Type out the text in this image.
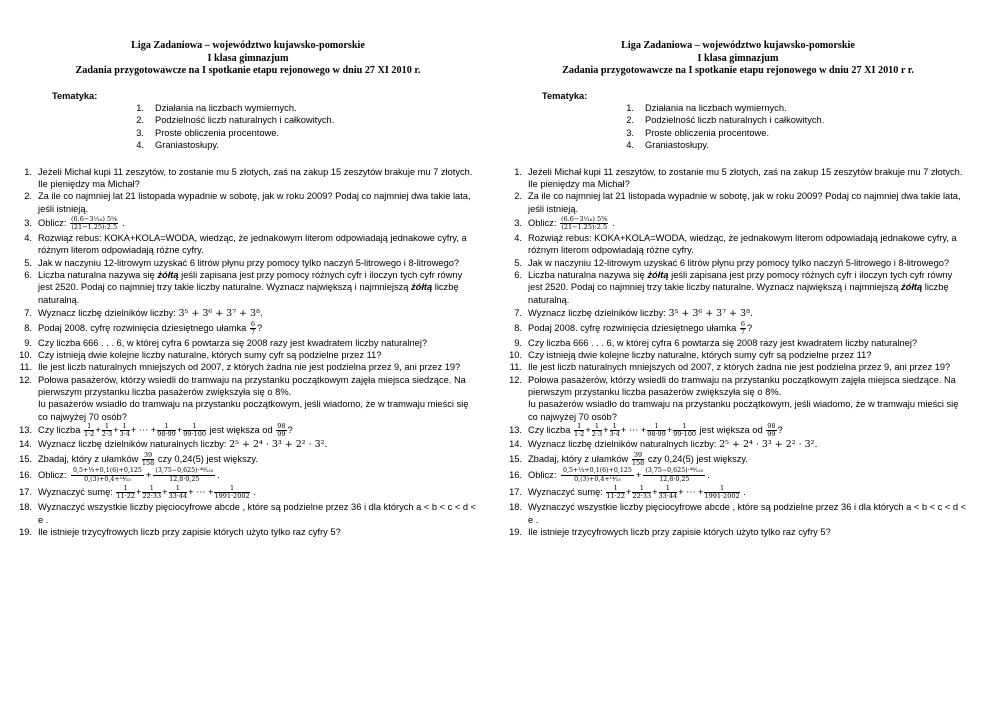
Liga Zadaniowa – województwo kujawsko-pomorskie
I klasa gimnazjum
Zadania przygotowawcze na I spotkanie etapu rejonowego w dniu 27 XI 2010 r.
Tematyka:
1. Działania na liczbach wymiernych.
2. Podzielność liczb naturalnych i całkowitych.
3. Proste obliczenia procentowe.
4. Graniastosłupy.
1. Jeżeli Michał kupi 11 zeszytów, to zostanie mu 5 złotych, zaś na zakup 15 zeszytów brakuje mu 7 złotych. Ile pieniędzy ma Michał?
2. Za ile co najmniej lat 21 listopada wypadnie w sobotę, jak w roku 2009? Podaj co najmniej dwa takie lata, jeśli istnieją.
3. Oblicz: $\frac{\text{(6.6−3¹⁄₁₆) 5⅚}}{(21-1.25):2.5}$ .
4. Rozwiąż rebus: KOKA+KOLA=WODA, wiedząc, że jednakowym literom odpowiadają jednakowe cyfry, a różnym literom odpowiadają różne cyfry.
5. Jak w naczyniu 12-litrowym uzyskać 6 litrów płynu przy pomocy tylko naczyń 5-litrowego i 8-litrowego?
6. Liczba naturalna nazywa się żółtą jeśli zapisana jest przy pomocy różnych cyfr i iloczyn tych cyfr równy jest 2520. Podaj co najmniej trzy takie liczby naturalne. Wyznacz największą i najmniejszą żółtą liczbę naturalną.
7. Wyznacz liczbę dzielników liczby: 3⁵ + 3⁶ + 3⁷ + 3⁸.
8. Podaj 2008. cyfrę rozwinięcia dziesiętnego ułamka $\frac{6}{7}$ ?
9. Czy liczba 666 . . . 6, w której cyfra 6 powtarza się 2008 razy jest kwadratem liczby naturalnej?
10. Czy istnieją dwie kolejne liczby naturalne, których sumy cyfr są podzielne przez 11?
11. Ile jest liczb naturalnych mniejszych od 2007, z których żadna nie jest podzielna przez 9, ani przez 19?
12. Połowa pasażerów, którzy wsiedli do tramwaju na przystanku początkowym zajęła miejsca siedzące. Na pierwszym przystanku liczba pasażerów zwiększyła się o 8%.
Iu pasażerów wsiadło do tramwaju na przystanku początkowym, jeśli wiadomo, że w tramwaju mieści się co najwyżej 70 osób?
13. Czy liczba $\frac{1}{1\cdot 2} + \frac{1}{2\cdot 3} + \frac{1}{3\cdot 4}$ + ⋯ + $\frac{1}{98\cdot 99} + \frac{1}{99\cdot 100}$ jest większa od $\frac{98}{99}$ ?
14. Wyznacz liczbę dzielników naturalnych liczby: 2⁵ + 2⁴ · 3³ + 2² · 3².
15. Zbadaj, który z ułamków $\frac{39}{158}$ czy 0,24(5) jest większy.
16. Oblicz: $\frac{\text{0,5+⅓+0,1(6)+0,125}}{\text{0,(3)+0,4+¹⁴⁄₁₅}} + \frac{\text{(3,75−0,625)·⁴⁸⁄₁₂₅}}{12,8\cdot 0,25}$ .
17. Wyznaczyć sumę: $\frac{1}{11\cdot 22} + \frac{1}{22\cdot 33} + \frac{1}{33\cdot 44}$ + ⋯ + $\frac{1}{1991\cdot 2002}$ .
18. Wyznaczyć wszystkie liczby pięciocyfrowe abcde , które są podzielne przez 36 i dla których a < b < c < d < e .
19. Ile istnieje trzycyfrowych liczb przy zapisie których użyto tylko raz cyfry 5?
Liga Zadaniowa – województwo kujawsko-pomorskie
I klasa gimnazjum
Zadania przygotowawcze na I spotkanie etapu rejonowego w dniu 27 XI 2010 r r.
Tematyka:
1. Działania na liczbach wymiernych.
2. Podzielność liczb naturalnych i całkowitych.
3. Proste obliczenia procentowe.
4. Graniastosłupy.
1. Jeżeli Michał kupi 11 zeszytów, to zostanie mu 5 złotych, zaś na zakup 15 zeszytów brakuje mu 7 złotych. Ile pieniędzy ma Michał?
2. Za ile co najmniej lat 21 listopada wypadnie w sobotę, jak w roku 2009? Podaj co najmniej dwa takie lata, jeśli istnieją.
3. Oblicz: $\frac{\text{(6.6−3¹⁄₁₆) 5⅚}}{(21-1.25):2.5}$ .
4. Rozwiąż rebus: KOKA+KOLA=WODA, wiedząc, że jednakowym literom odpowiadają jednakowe cyfry, a różnym literom odpowiadają różne cyfry.
5. Jak w naczyniu 12-litrowym uzyskać 6 litrów płynu przy pomocy tylko naczyń 5-litrowego i 8-litrowego?
6. Liczba naturalna nazywa się żółtą jeśli zapisana jest przy pomocy różnych cyfr i iloczyn tych cyfr równy jest 2520. Podaj co najmniej trzy takie liczby naturalne. Wyznacz największą i najmniejszą żółtą liczbę naturalną.
7. Wyznacz liczbę dzielników liczby: 3⁵ + 3⁶ + 3⁷ + 3⁸.
8. Podaj 2008. cyfrę rozwinięcia dziesiętnego ułamka $\frac{6}{7}$ ?
9. Czy liczba 666 . . . 6, w której cyfra 6 powtarza się 2008 razy jest kwadratem liczby naturalnej?
10. Czy istnieją dwie kolejne liczby naturalne, których sumy cyfr są podzielne przez 11?
11. Ile jest liczb naturalnych mniejszych od 2007, z których żadna nie jest podzielna przez 9, ani przez 19?
12. Połowa pasażerów, którzy wsiedli do tramwaju na przystanku początkowym zajęła miejsca siedzące. Na pierwszym przystanku liczba pasażerów zwiększyła się o 8%.
Iu pasażerów wsiadło do tramwaju na przystanku początkowym, jeśli wiadomo, że w tramwaju mieści się co najwyżej 70 osób?
13. Czy liczba $\frac{1}{1\cdot 2} + \frac{1}{2\cdot 3} + \frac{1}{3\cdot 4}$ + ⋯ + $\frac{1}{98\cdot 99} + \frac{1}{99\cdot 100}$ jest większa od $\frac{98}{99}$ ?
14. Wyznacz liczbę dzielników naturalnych liczby: 2⁵ + 2⁴ · 3³ + 2² · 3².
15. Zbadaj, który z ułamków $\frac{39}{158}$ czy 0,24(5) jest większy.
16. Oblicz: $\frac{\text{0,5+⅓+0,1(6)+0,125}}{\text{0,(3)+0,4+¹⁴⁄₁₅}} + \frac{\text{(3,75−0,625)·⁴⁸⁄₁₂₅}}{12,8\cdot 0,25}$ .
17. Wyznaczyć sumę: $\frac{1}{11\cdot 22} + \frac{1}{22\cdot 33} + \frac{1}{33\cdot 44}$ + ⋯ + $\frac{1}{1991\cdot 2002}$ .
18. Wyznaczyć wszystkie liczby pięciocyfrowe abcde , które są podzielne przez 36 i dla których a < b < c < d < e .
19. Ile istnieje trzycyfrowych liczb przy zapisie których użyto tylko raz cyfry 5?
